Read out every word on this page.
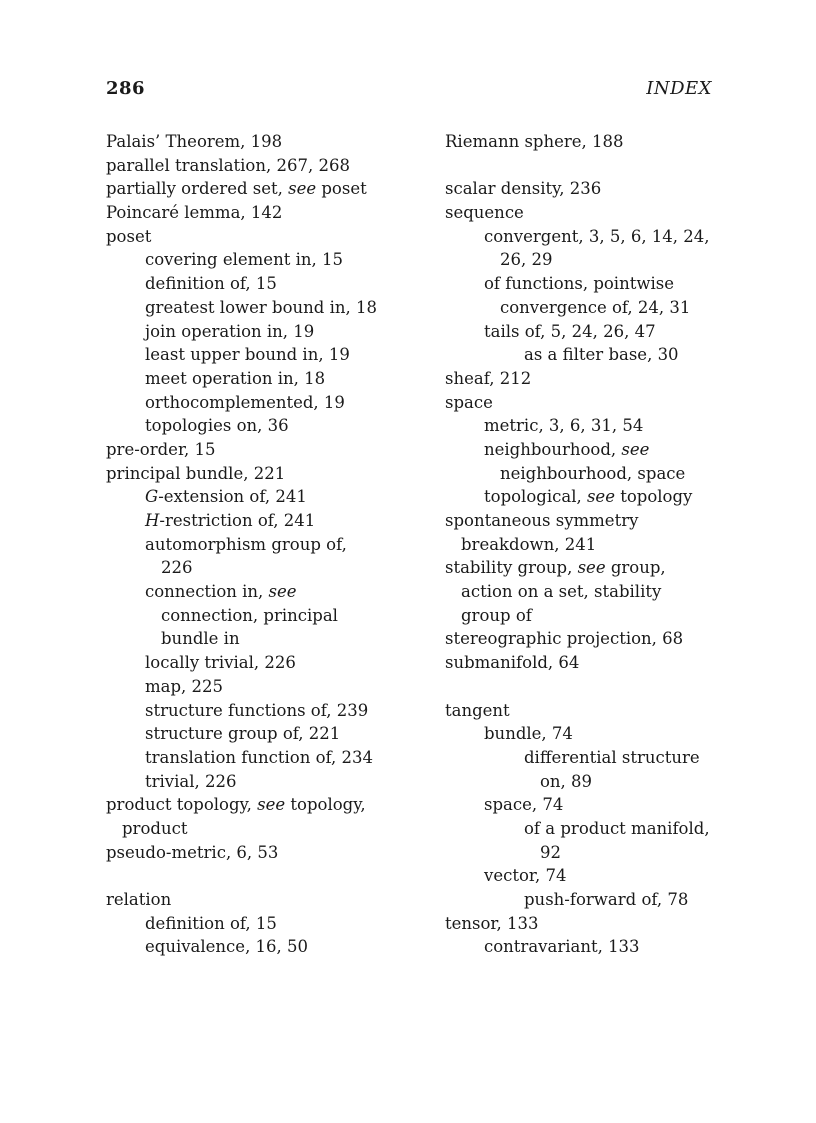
286	INDEX
Palais’ Theorem, 198
parallel translation, 267, 268
partially ordered set, see poset
Poincaré lemma, 142
poset
covering element in, 15
definition of, 15
greatest lower bound in, 18
join operation in, 19
least upper bound in, 19
meet operation in, 18
orthocomplemented, 19
topologies on, 36
pre-order, 15
principal bundle, 221
G-extension of, 241
H-restriction of, 241
automorphism group of,
226
connection in, see
connection, principal
bundle in
locally trivial, 226
map, 225
structure functions of, 239
structure group of, 221
translation function of, 234
trivial, 226
product topology, see topology,
product
pseudo-metric, 6, 53
relation
definition of, 15
equivalence, 16, 50
Riemann sphere, 188
scalar density, 236
sequence
convergent, 3, 5, 6, 14, 24,
26, 29
of functions, pointwise
convergence of, 24, 31
tails of, 5, 24, 26, 47
as a filter base, 30
sheaf, 212
space
metric, 3, 6, 31, 54
neighbourhood, see
neighbourhood, space
topological, see topology
spontaneous symmetry
breakdown, 241
stability group, see group,
action on a set, stability
group of
stereographic projection, 68
submanifold, 64
tangent
bundle, 74
differential structure
on, 89
space, 74
of a product manifold,
92
vector, 74
push-forward of, 78
tensor, 133
contravariant, 133
